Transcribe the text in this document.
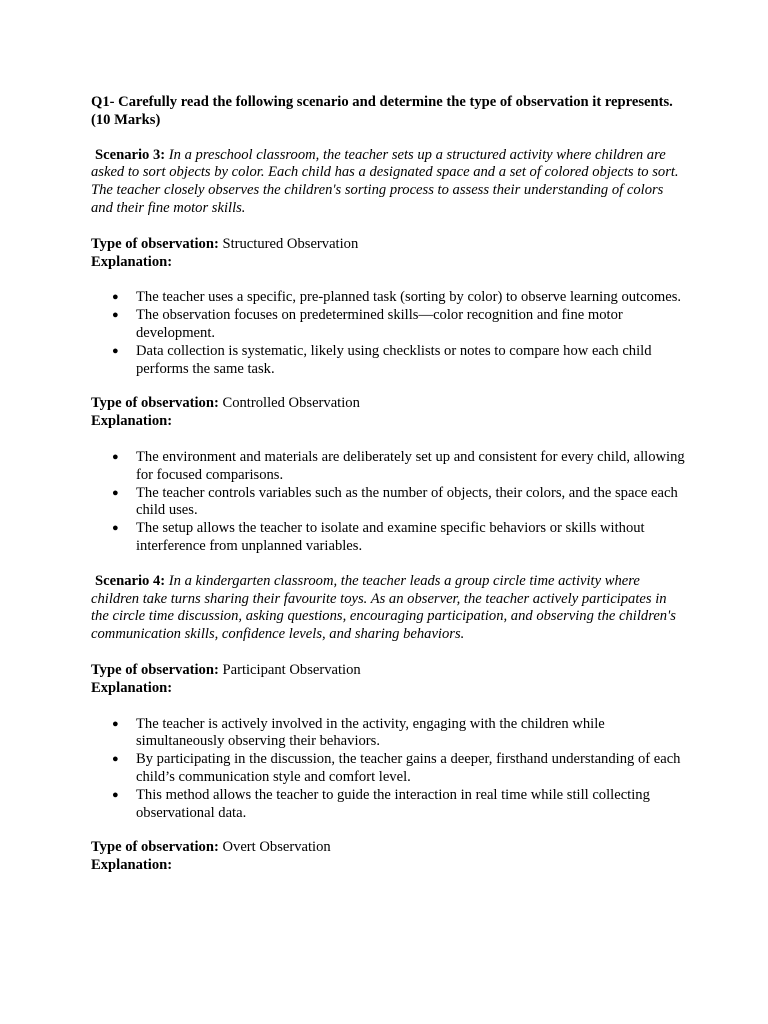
Q1- Carefully read the following scenario and determine the type of observation it represents. (10 Marks)

Scenario 3: In a preschool classroom, the teacher sets up a structured activity where children are asked to sort objects by color. Each child has a designated space and a set of colored objects to sort. The teacher closely observes the children's sorting process to assess their understanding of colors and their fine motor skills.

Type of observation: Structured Observation
Explanation:
● The teacher uses a specific, pre-planned task (sorting by color) to observe learning outcomes.
● The observation focuses on predetermined skills—color recognition and fine motor development.
● Data collection is systematic, likely using checklists or notes to compare how each child performs the same task.
Type of observation: Controlled Observation
Explanation:
● The environment and materials are deliberately set up and consistent for every child, allowing for focused comparisons.
● The teacher controls variables such as the number of objects, their colors, and the space each child uses.
● The setup allows the teacher to isolate and examine specific behaviors or skills without interference from unplanned variables.

Scenario 4: In a kindergarten classroom, the teacher leads a group circle time activity where children take turns sharing their favourite toys. As an observer, the teacher actively participates in the circle time discussion, asking questions, encouraging participation, and observing the children's communication skills, confidence levels, and sharing behaviors.

Type of observation: Participant Observation
Explanation:
● The teacher is actively involved in the activity, engaging with the children while simultaneously observing their behaviors.
● By participating in the discussion, the teacher gains a deeper, firsthand understanding of each child’s communication style and comfort level.
● This method allows the teacher to guide the interaction in real time while still collecting observational data.
Type of observation: Overt Observation
Explanation:
